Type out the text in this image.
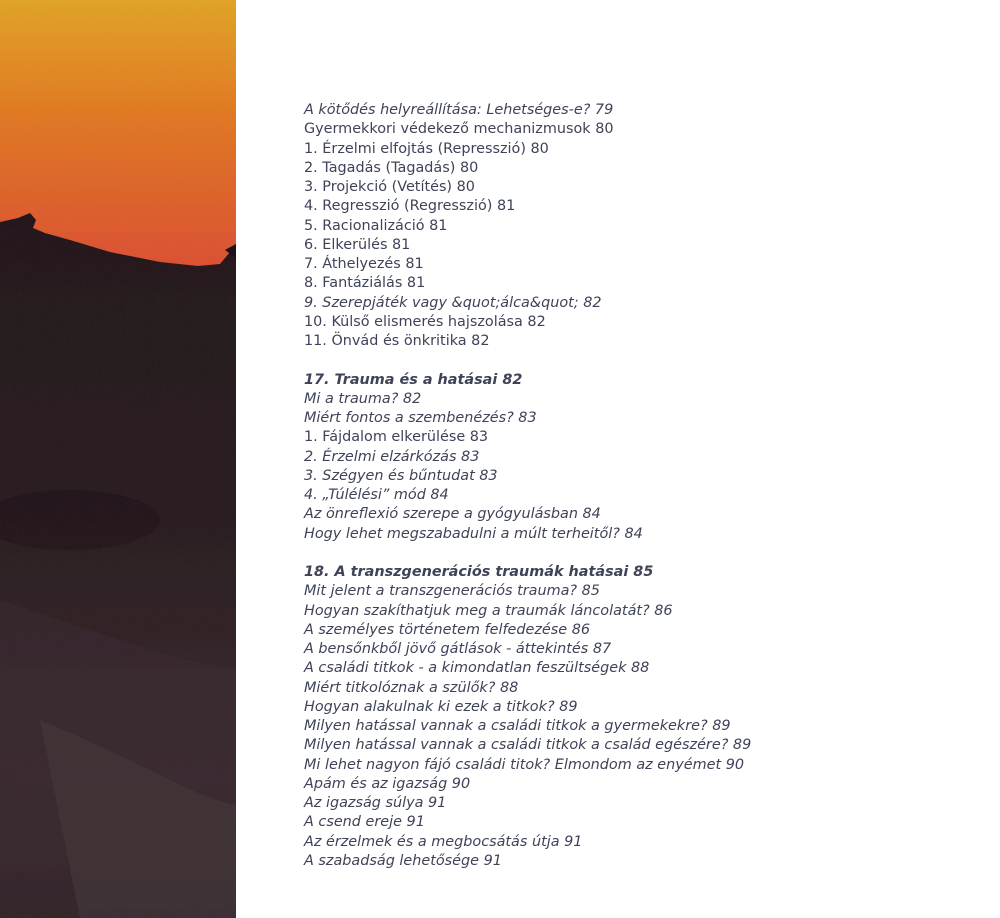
A kötődés helyreállítása: Lehetséges-e? 79
Gyermekkori védekező mechanizmusok 80
1. Érzelmi elfojtás (Represszió) 80
2. Tagadás (Tagadás) 80
3. Projekció (Vetítés) 80
4. Regresszió (Regresszió) 81
5. Racionalizáció 81
6. Elkerülés 81
7. Áthelyezés 81
8. Fantáziálás 81
9. Szerepjáték vagy &quot;álca&quot; 82
10. Külső elismerés hajszolása 82
11. Önvád és önkritika 82
17. Trauma és a hatásai 82
Mi a trauma? 82
Miért fontos a szembenézés? 83
1. Fájdalom elkerülése 83
2. Érzelmi elzárkózás 83
3. Szégyen és bűntudat 83
4. „Túlélési” mód 84
Az önreflexió szerepe a gyógyulásban 84
Hogy lehet megszabadulni a múlt terheitől? 84
18. A transzgenerációs traumák hatásai 85
Mit jelent a transzgenerációs trauma? 85
Hogyan szakíthatjuk meg a traumák láncolatát? 86
A személyes történetem felfedezése 86
A bensőnkből jövő gátlások - áttekintés 87
A családi titkok - a kimondatlan feszültségek 88
Miért titkolóznak a szülők? 88
Hogyan alakulnak ki ezek a titkok? 89
Milyen hatással vannak a családi titkok a gyermekekre? 89
Milyen hatással vannak a családi titkok a család egészére? 89
Mi lehet nagyon fájó családi titok? Elmondom az enyémet 90
Apám és az igazság 90
Az igazság súlya 91
A csend ereje 91
Az érzelmek és a megbocsátás útja 91
A szabadság lehetősége 91
